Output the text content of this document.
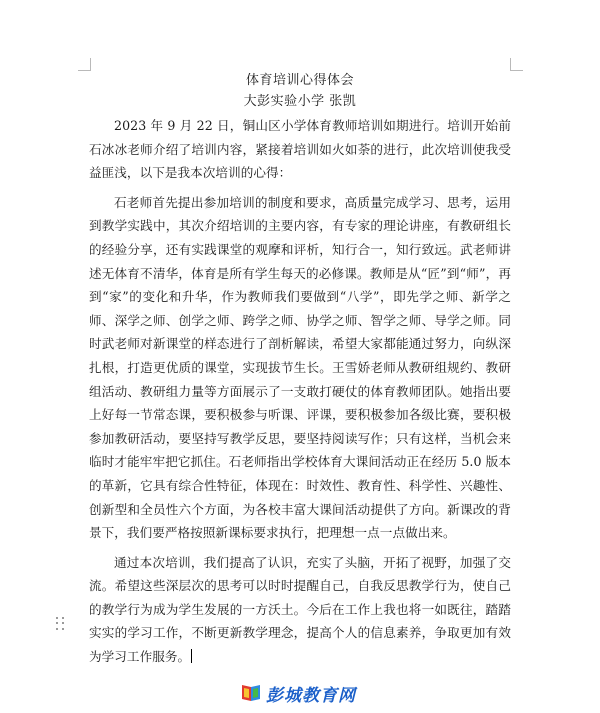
体育培训心得体会
大彭实验小学 张凯

2023 年 9 月 22 日，铜山区小学体育教师培训如期进行。培训开始前石冰冰老师介绍了培训内容，紧接着培训如火如荼的进行，此次培训使我受益匪浅，以下是我本次培训的心得：

石老师首先提出参加培训的制度和要求，高质量完成学习、思考，运用到教学实践中，其次介绍培训的主要内容，有专家的理论讲座，有教研组长的经验分享，还有实践课堂的观摩和评析，知行合一，知行致远。武老师讲述无体育不清华，体育是所有学生每天的必修课。教师是从“匠”到“师”，再到“家”的变化和升华，作为教师我们要做到“八学”，即先学之师、新学之师、深学之师、创学之师、跨学之师、协学之师、智学之师、导学之师。同时武老师对新课堂的样态进行了剖析解读，希望大家都能通过努力，向纵深扎根，打造更优质的课堂，实现拔节生长。王雪娇老师从教研组规约、教研组活动、教研组力量等方面展示了一支敢打硬仗的体育教师团队。她指出要上好每一节常态课，要积极参与听课、评课，要积极参加各级比赛，要积极参加教研活动，要坚持写教学反思，要坚持阅读写作；只有这样，当机会来临时才能牢牢把它抓住。石老师指出学校体育大课间活动正在经历 5.0 版本的革新，它具有综合性特征，体现在：时效性、教育性、科学性、兴趣性、创新型和全员性六个方面，为各校丰富大课间活动提供了方向。新课改的背景下，我们要严格按照新课标要求执行，把理想一点一点做出来。

通过本次培训，我们提高了认识，充实了头脑，开拓了视野，加强了交流。希望这些深层次的思考可以时时提醒自己，自我反思教学行为，使自己的教学行为成为学生发展的一方沃土。今后在工作上我也将一如既往，踏踏实实的学习工作，不断更新教学理念，提高个人的信息素养，争取更加有效为学习工作服务。

彭城教育网
